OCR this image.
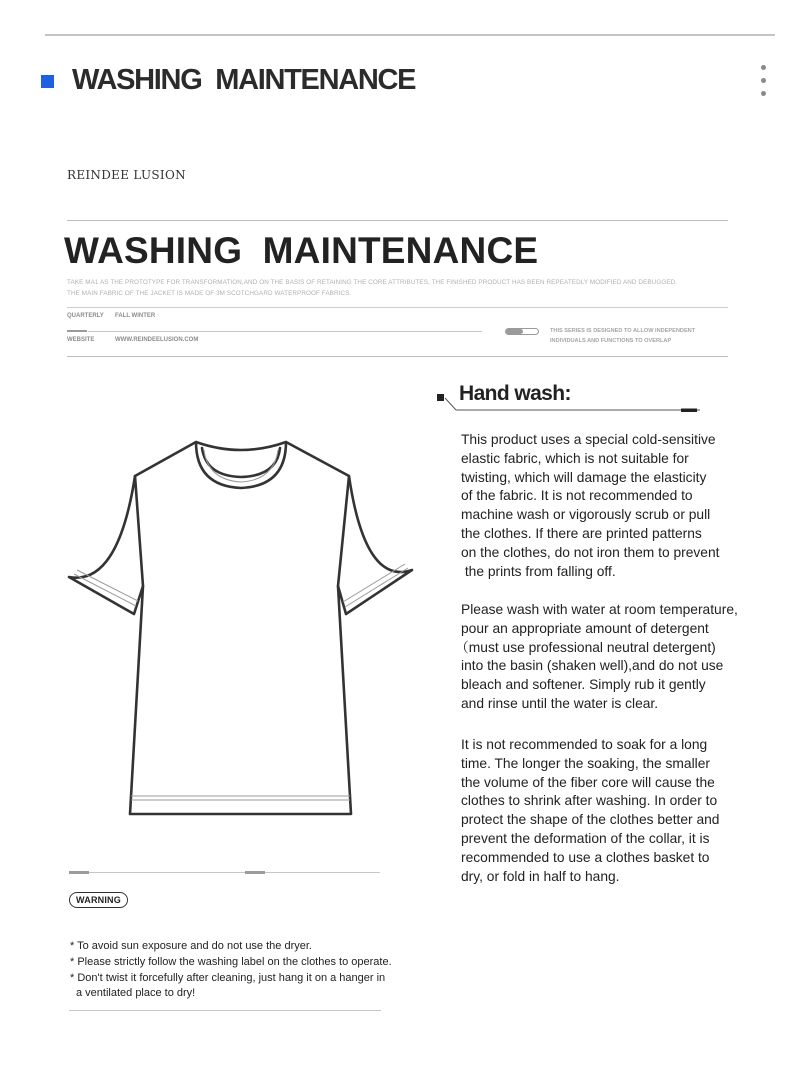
WASHING MAINTENANCE
REINDEE LUSION
WASHING MAINTENANCE
TAKE MA1 AS THE PROTOTYPE FOR TRANSFORMATION,AND ON THE BASIS OF RETAINING THE CORE ATTRIBUTES, THE FINISHED PRODUCT HAS BEEN REPEATEDLY MODIFIED AND DEBUGGED.
THE MAIN FABRIC OF THE JACKET IS MADE OF 3M SCOTCHGARD WATERPROOF FABRICS.
QUARTERLY FALL WINTER
WEBSITE	WWW.REINDEELUSION.COM
THIS SERIES IS DESIGNED TO ALLOW INDEPENDENT
INDIVIDUALS AND FUNCTIONS TO OVERLAP
WARNING
* To avoid sun exposure and do not use the dryer.
* Please strictly follow the washing label on the clothes to operate.
* Don't twist it forcefully after cleaning, just hang it on a hanger in
a ventilated place to dry!
Hand wash:
This product uses a special cold-sensitive
elastic fabric, which is not suitable for
twisting, which will damage the elasticity
of the fabric. It is not recommended to
machine wash or vigorously scrub or pull
the clothes. If there are printed patterns
on the clothes, do not iron them to prevent
the prints from falling off.
Please wash with water at room temperature,
pour an appropriate amount of detergent
（must use professional neutral detergent)
into the basin (shaken well),and do not use
bleach and softener. Simply rub it gently
and rinse until the water is clear.
It is not recommended to soak for a long
time. The longer the soaking, the smaller
the volume of the fiber core will cause the
clothes to shrink after washing. In order to
protect the shape of the clothes better and
prevent the deformation of the collar, it is
recommended to use a clothes basket to
dry, or fold in half to hang.
